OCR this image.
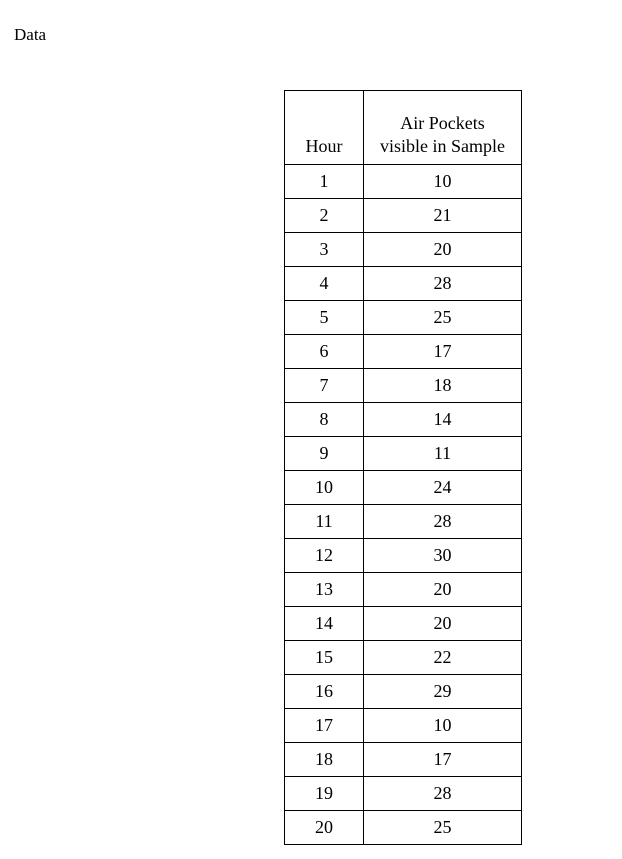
Data
Hour	Air Pockets
visible in Sample
1	10
2	21
3	20
4	28
5	25
6	17
7	18
8	14
9	11
10	24
11	28
12	30
13	20
14	20
15	22
16	29
17	10
18	17
19	28
20	25
